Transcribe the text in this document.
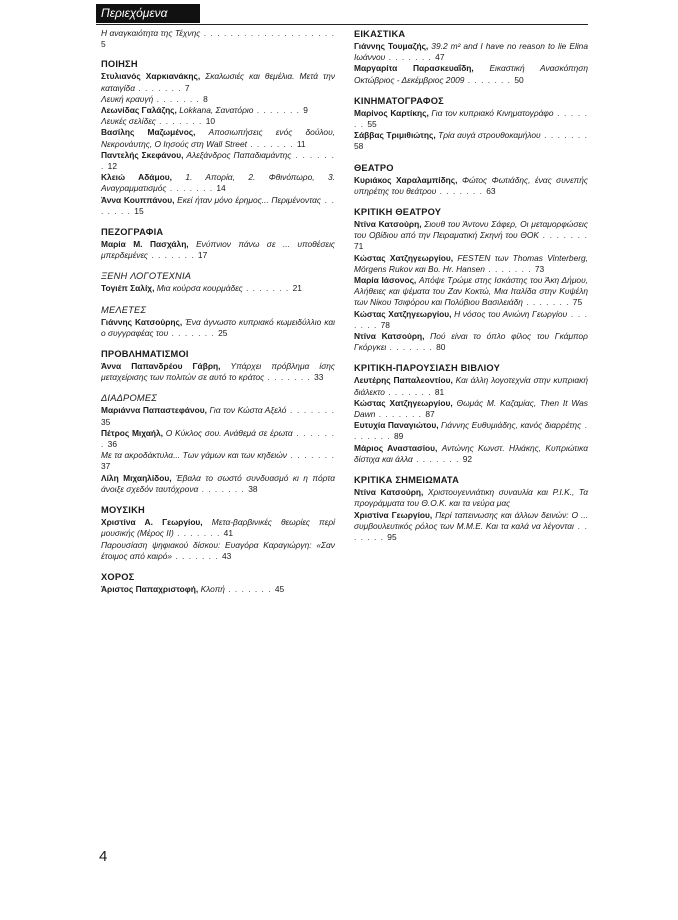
Περιεχόμενα

Η αναγκαιότητα της Τέχνης . . . . . . . . . . . . . . . . . . . . 5

ΠΟΙΗΣΗ

Στυλιανός Χαρκιανάκης, Σκαλωσιές και θεμέλια. Μετά την καταιγίδα . . . . . . . 7

Λευκή κραυγή . . . . . . . 8

Λεωνίδας Γαλάζης, Lokkana, Σανατόριο . . . . . . . 9

Λευκές σελίδες . . . . . . . 10

Βασίλης Μαζωμένος, Αποσιωπήσεις ενός δούλου, Νεκρονάυτης, Ο Ιησούς στη Wall Street . . . . . . . 11

Παντελής Σκεφάνου, Αλεξάνδρος Παπαδιαμάντης . . . . . . . 12

Κλειώ Αδάμου, 1. Απορία, 2. Φθινόπωρο, 3. Αναγραμματισμός . . . . . . . 14

Άννα Κουππάνου, Εκεί ήταν μόνο έρημος... Περιμένοντας . . . . . . . 15

ΠΕΖΟΓΡΑΦΙΑ

Μαρία Μ. Πασχάλη, Ενύπνιον πάνω σε ... υποθέσεις μπερδεμένες . . . . . . . 17

ΞΕΝΗ ΛΟΓΟΤΕΧΝΙΑ

Τογιέπ Σαλίχ, Μια κούρσα κουρμάδες . . . . . . . 21

ΜΕΛΕΤΕΣ

Γιάννης Κατσούρης, Ένα άγνωστο κυπριακό κωμειδύλλιο και ο συγγραφέας του . . . . . . . 25

ΠΡΟΒΛΗΜΑΤΙΣΜΟΙ

Άννα Παπανδρέου Γάβρη, Υπάρχει πρόβλημα ίσης μεταχείρισης των πολιτών σε αυτό το κράτος . . . . . . . 33

ΔΙΑΔΡΟΜΕΣ

Μαριάννα Παπαστεφάνου, Για τον Κώστα Αξελό . . . . . . . 35

Πέτρος Μιχαήλ, Ο Κύκλος σου. Ανάθεμά σε έρωτα . . . . . . . 36

Με τα ακροδάκτυλα... Των γάμων και των κηδειών . . . . . . . 37

Λίλη Μιχαηλίδου, Έβαλα το σωστό συνδυασμό κι η πόρτα άνοιξε σχεδόν ταυτόχρονα . . . . . . . 38

ΜΟΥΣΙΚΗ

Χριστίνα Α. Γεωργίου, Μετα-βαρβινικές θεωρίες περί μουσικής (Μέρος ΙΙ) . . . . . . . 41

Παρουσίαση ψηφιακού δίσκου: Ευαγόρα Καραγιώργη: «Σαν έτοιμος από καιρό» . . . . . . . 43

ΧΟΡΟΣ

Άριστος Παπαχριστοφή, Κλοπή . . . . . . . 45

ΕΙΚΑΣΤΙΚΑ

Γιάννης Τουμαζής, 39.2 m² and I have no reason to lie Elina Ιωάννου . . . . . . . 47

Μαργαρίτα Παρασκευαΐδη, Εικαστική Ανασκόπηση Οκτώβριος - Δεκέμβριος 2009 . . . . . . . 50

ΚΙΝΗΜΑΤΟΓΡΑΦΟΣ

Μαρίνος Καρτίκης, Για τον κυπριακό Κινηματογράφο . . . . . . . 55

Σάββας Τριμιθιώτης, Τρία αυγά στρουθοκαμήλου . . . . . . . 58

ΘΕΑΤΡΟ

Κυριάκος Χαραλαμπίδης, Φώτος Φωτιάδης, ένας συνεπής υπηρέτης του θεάτρου . . . . . . . 63

ΚΡΙΤΙΚΗ ΘΕΑΤΡΟΥ

Ντίνα Κατσούρη, Σιουθ του Άντονυ Σάφερ, Οι μεταμορφώσεις του Οβίδιου από την Πειραματική Σκηνή του ΘΟΚ . . . . . . . 71

Κώστας Χατζηγεωργίου, FESTEN των Thomas Vinterberg, Mörgens Rukov και Bo. Hr. Hansen . . . . . . . 73

Μαρία Ιάσονος, Απόψε Τρώμε στης Ισκάστης του Άκη Δήμου, Αλήθειες και ψέματα του Ζαν Κοκτώ, Μια Ιταλίδα στην Κυψέλη των Νίκου Τσιφόρου και Πολύβιου Βασιλειάδη . . . . . . . 75

Κώστας Χατζηγεωργίου, Η νόσος του Ανιώνη Γεωργίου . . . . . . . 78

Ντίνα Κατσούρη, Πού είναι το όπλο φίλος του Γκάμπορ Γκόργκει . . . . . . . 80

ΚΡΙΤΙΚΗ-ΠΑΡΟΥΣΙΑΣΗ ΒΙΒΛΙΟΥ

Λευτέρης Παπαλεοντίου, Και άλλη λογοτεχνία στην κυπριακή διάλεκτο . . . . . . . 81

Κώστας Χατζηγεωργίου, Θωμάς Μ. Καζαμίας, Then It Was Dawn . . . . . . . 87

Ευτυχία Παναγιώτου, Γιάννης Ευθυμιάδης, κανός διαρρέτης . . . . . . . 89

Μάριος Αναστασίου, Αντώνης Κωνστ. Ηλιάκης, Κυπριώτικα δίστιχα και άλλα . . . . . . . 92

ΚΡΙΤΙΚΑ ΣΗΜΕΙΩΜΑΤΑ

Ντίνα Κατσούρη, Χριστουγεννιάτικη συναυλία και Ρ.Ι.Κ., Τα προγράμματα του Θ.Ο.Κ. και τα νεύρα μας

Χριστίνα Γεωργίου, Περί ταπεινωσης και άλλων δεινών: Ο ... συμβουλευτικός ρόλος των Μ.Μ.Ε. Και τα καλά να λέγονται . . . . . . . 95

4
